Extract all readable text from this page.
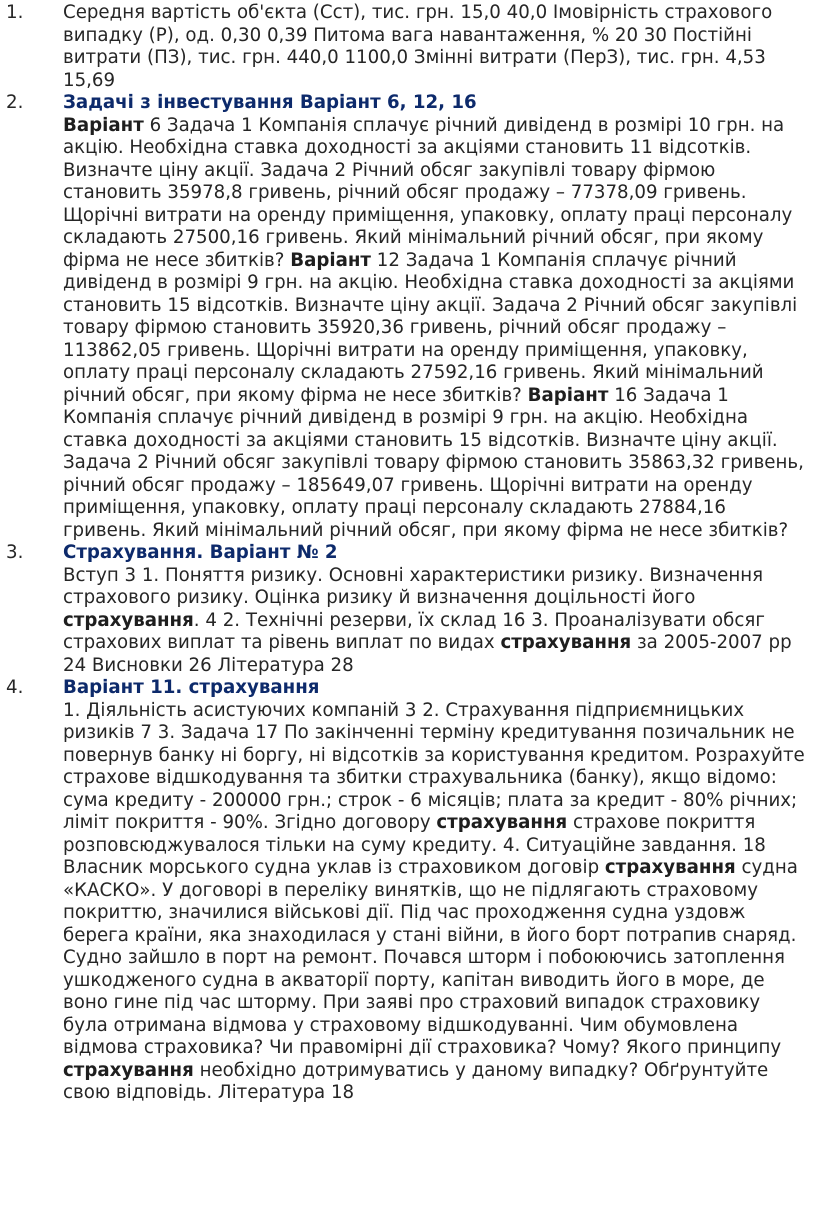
1.	Середня вартість об'єкта (Сст), тис. грн. 15,0 40,0 Імовірність страхового випадку (Р), од. 0,30 0,39 Питома вага навантаження, % 20 30 Постійні витрати (ПЗ), тис. грн. 440,0 1100,0 Змінні витрати (ПерЗ), тис. грн. 4,53 15,69
2.	Задачі з інвестування Варіант 6, 12, 16
Варіант 6 Задача 1 Компанія сплачує річний дивіденд в розмірі 10 грн. на акцію. Необхідна ставка доходності за акціями становить 11 відсотків. Визначте ціну акції. Задача 2 Річний обсяг закупівлі товару фірмою становить 35978,8 гривень, річний обсяг продажу – 77378,09 гривень. Щорічні витрати на оренду приміщення, упаковку, оплату праці персоналу складають 27500,16 гривень. Який мінімальний річний обсяг, при якому фірма не несе збитків? Варіант 12 Задача 1 Компанія сплачує річний дивіденд в розмірі 9 грн. на акцію. Необхідна ставка доходності за акціями становить 15 відсотків. Визначте ціну акції. Задача 2 Річний обсяг закупівлі товару фірмою становить 35920,36 гривень, річний обсяг продажу – 113862,05 гривень. Щорічні витрати на оренду приміщення, упаковку, оплату праці персоналу складають 27592,16 гривень. Який мінімальний річний обсяг, при якому фірма не несе збитків? Варіант 16 Задача 1 Компанія сплачує річний дивіденд в розмірі 9 грн. на акцію. Необхідна ставка доходності за акціями становить 15 відсотків. Визначте ціну акції. Задача 2 Річний обсяг закупівлі товару фірмою становить 35863,32 гривень, річний обсяг продажу – 185649,07 гривень. Щорічні витрати на оренду приміщення, упаковку, оплату праці персоналу складають 27884,16 гривень. Який мінімальний річний обсяг, при якому фірма не несе збитків?
3.	Страхування. Варіант № 2
Вступ 3 1. Поняття ризику. Основні характеристики ризику. Визначення страхового ризику. Оцінка ризику й визначення доцільності його страхування. 4 2. Технічні резерви, їх склад 16 3. Проаналізувати обсяг страхових виплат та рівень виплат по видах страхування за 2005-2007 рр 24 Висновки 26 Література 28
4.	Варіант 11. страхування
1. Діяльність асистуючих компаній 3 2. Страхування підприємницьких ризиків 7 3. Задача 17 По закінченні терміну кредитування позичальник не повернув банку ні боргу, ні відсотків за користування кредитом. Розрахуйте страхове відшкодування та збитки страхувальника (банку), якщо відомо: сума кредиту - 200000 грн.; строк - 6 місяців; плата за кредит - 80% річних; ліміт покриття - 90%. Згідно договору страхування страхове покриття розповсюджувалося тільки на суму кредиту. 4. Ситуаційне завдання. 18 Власник морського судна уклав із страховиком договір страхування судна «КАСКО». У договорі в переліку винятків, що не підлягають страховому покриттю, значилися військові дії. Під час проходження судна уздовж берега країни, яка знаходилася у стані війни, в його борт потрапив снаряд. Судно зайшло в порт на ремонт. Почався шторм і побоюючись затоплення ушкодженого судна в акваторії порту, капітан виводить його в море, де воно гине під час шторму. При заяві про страховий випадок страховику була отримана відмова у страховому відшкодуванні. Чим обумовлена відмова страховика? Чи правомірні дії страховика? Чому? Якого принципу страхування необхідно дотримуватись у даному випадку? Обґрунтуйте свою відповідь. Література 18
